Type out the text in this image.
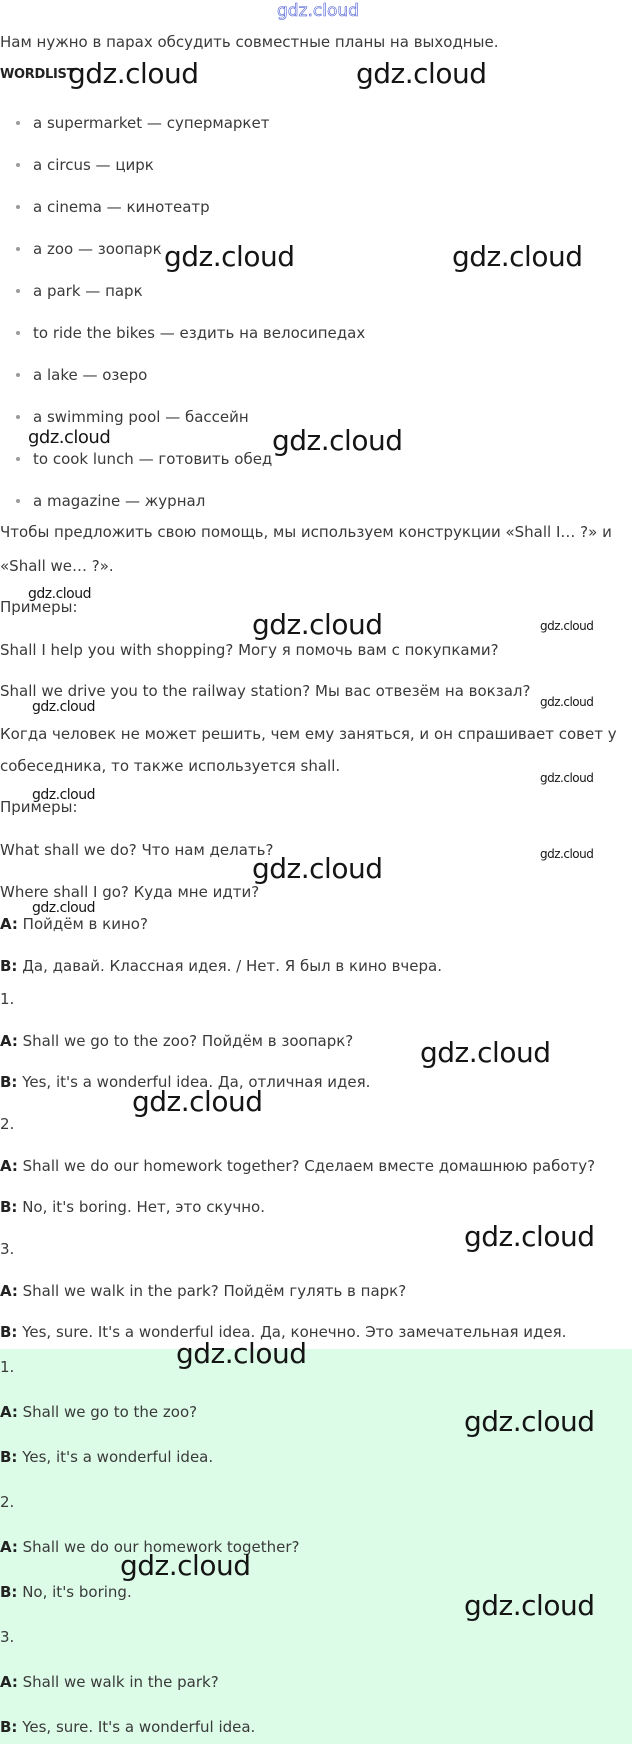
gdz.cloud
Нам нужно в парах обсудить совместные планы на выходные.
WORDLIST
a supermarket — супермаркет
a circus — цирк
a cinema — кинотеатр
a zoo — зоопарк
a park — парк
to ride the bikes — ездить на велосипедах
a lake — озеро
a swimming pool — бассейн
to cook lunch — готовить обед
a magazine — журнал
Чтобы предложить свою помощь, мы используем конструкции «Shall I… ?» и
«Shall we… ?».
Примеры:
Shall I help you with shopping? Могу я помочь вам с покупками?
Shall we drive you to the railway station? Мы вас отвезём на вокзал?
Когда человек не может решить, чем ему заняться, и он спрашивает совет у
собеседника, то также используется shall.
Примеры:
What shall we do? Что нам делать?
Where shall I go? Куда мне идти?
A: Пойдём в кино?
B: Да, давай. Классная идея. / Нет. Я был в кино вчера.
1.
A: Shall we go to the zoo? Пойдём в зоопарк?
B: Yes, it's a wonderful idea. Да, отличная идея.
2.
A: Shall we do our homework together? Сделаем вместе домашнюю работу?
B: No, it's boring. Нет, это скучно.
3.
A: Shall we walk in the park? Пойдём гулять в парк?
B: Yes, sure. It's a wonderful idea. Да, конечно. Это замечательная идея.
1.
A: Shall we go to the zoo?
B: Yes, it's a wonderful idea.
2.
A: Shall we do our homework together?
B: No, it's boring.
3.
A: Shall we walk in the park?
B: Yes, sure. It's a wonderful idea.
gdz.cloud	gdz.cloud
gdz.cloud	gdz.cloud
gdz.cloud	gdz.cloud
gdz.cloud
gdz.cloud	gdz.cloud
gdz.cloud	gdz.cloud
gdz.cloud
gdz.cloud
gdz.cloud	gdz.cloud
gdz.cloud
gdz.cloud
gdz.cloud
gdz.cloud
gdz.cloud
gdz.cloud
gdz.cloud
gdz.cloud
